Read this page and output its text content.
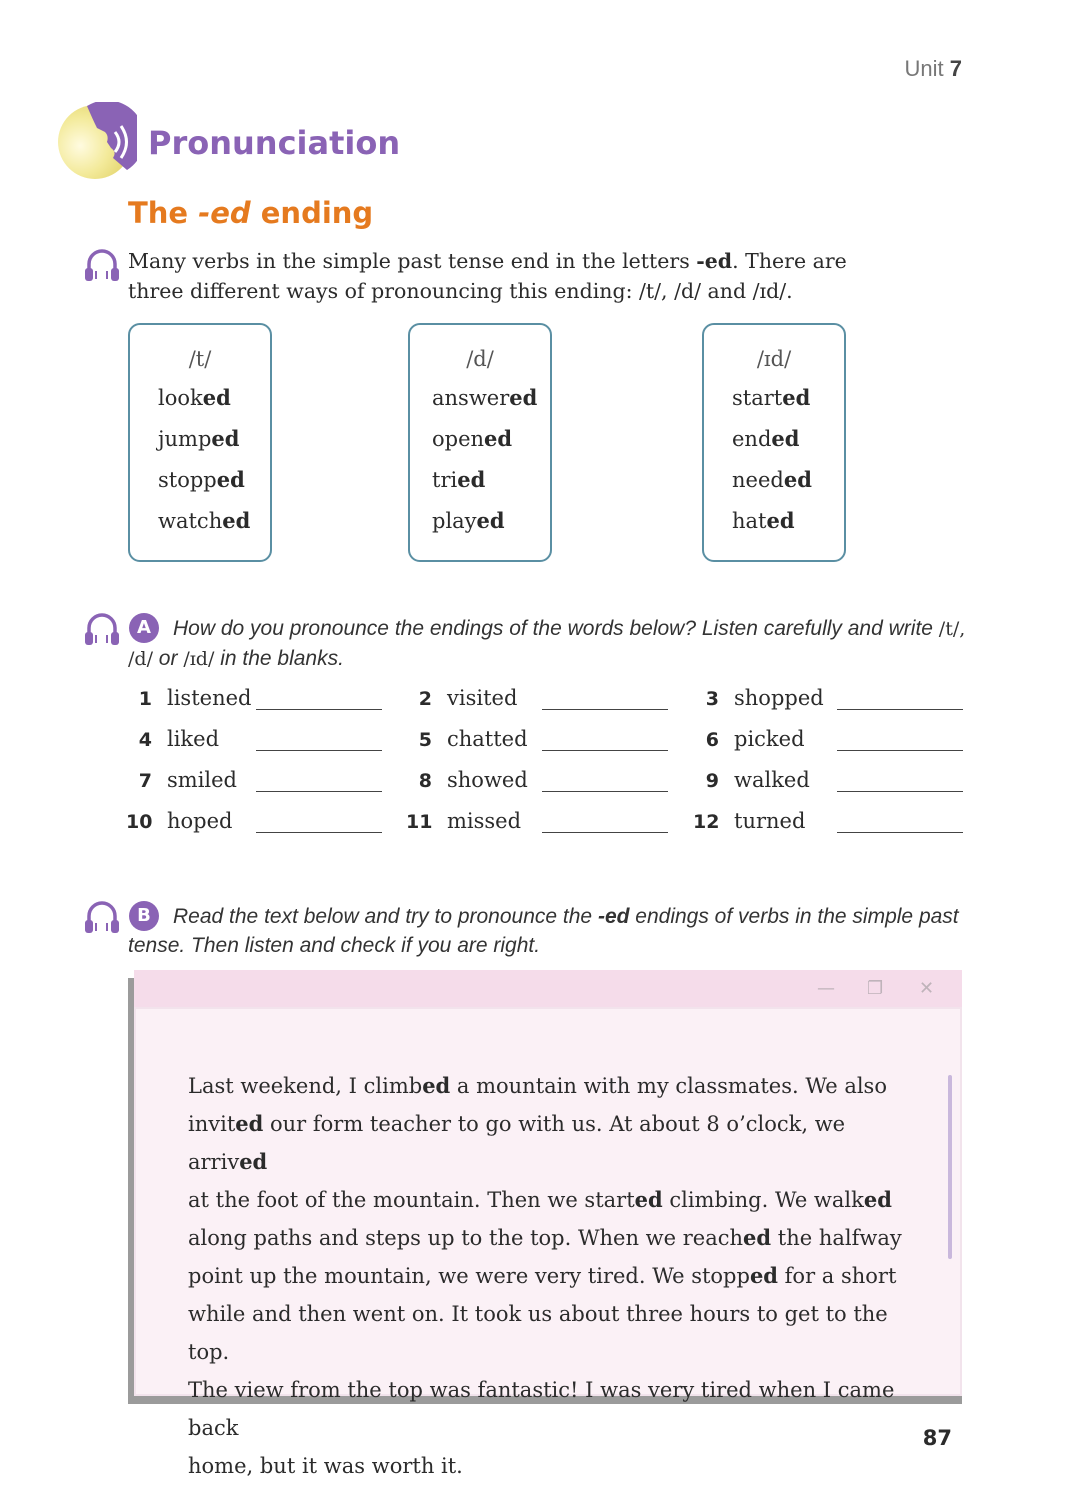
Unit 7
Pronunciation
The -ed ending
Many verbs in the simple past tense end in the letters -ed. There are three different ways of pronouncing this ending: /t/, /d/ and /ɪd/.
/t/
looked
jumped
stopped
watched
/d/
answered
opened
tried
played
/ɪd/
started
ended
needed
hated
A	How do you pronounce the endings of the words below? Listen carefully and write /t/,
/d/ or /ɪd/ in the blanks.
1 listened	2 visited	3 shopped
4 liked	5 chatted	6 picked
7 smiled	8 showed	9 walked
10 hoped	11 missed	12 turned
B	Read the text below and try to pronounce the -ed endings of verbs in the simple past tense. Then listen and check if you are right.
— ❐ ✕
Last weekend, I climbed a mountain with my classmates. We also
invited our form teacher to go with us. At about 8 o’clock, we arrived
at the foot of the mountain. Then we started climbing. We walked
along paths and steps up to the top. When we reached the halfway
point up the mountain, we were very tired. We stopped for a short
while and then went on. It took us about three hours to get to the top.
The view from the top was fantastic! I was very tired when I came back
home, but it was worth it.
87
